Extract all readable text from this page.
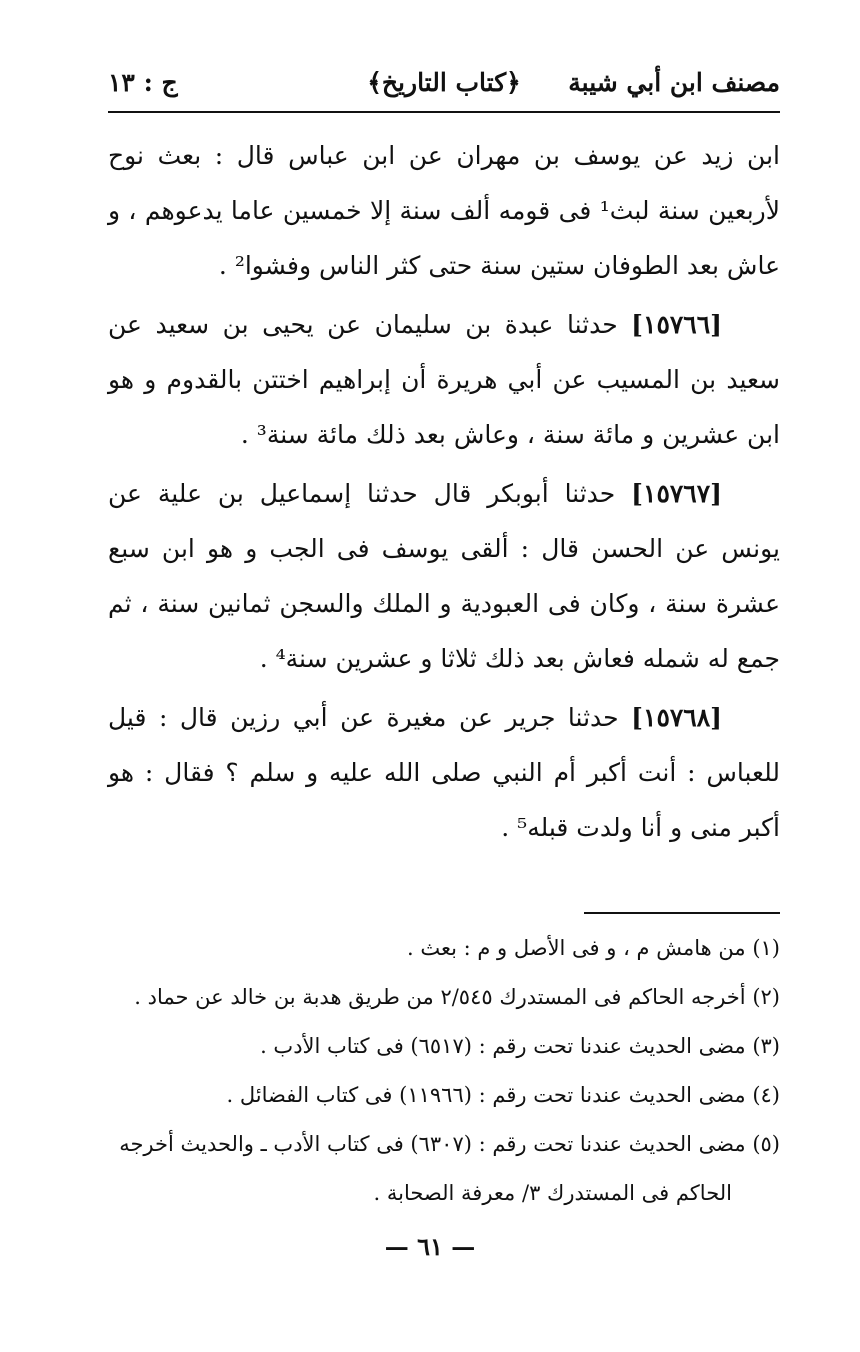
مصنف ابن أبي شيبة
﴿كتاب التاريخ﴾
ج : ١٣

ابن زيد عن يوسف بن مهران عن ابن عباس قال : بعث نوح لأربعين سنة لبث¹ فى قومه ألف سنة إلا خمسين عاما يدعوهم ، و عاش بعد الطوفان ستين سنة حتى كثر الناس وفشوا² .

[١٥٧٦٦] حدثنا عبدة بن سليمان عن يحيى بن سعيد عن سعيد بن المسيب عن أبي هريرة أن إبراهيم اختتن بالقدوم و هو ابن عشرين و مائة سنة ، وعاش بعد ذلك مائة سنة³ .

[١٥٧٦٧] حدثنا أبوبكر قال حدثنا إسماعيل بن علية عن يونس عن الحسن قال : ألقى يوسف فى الجب و هو ابن سبع عشرة سنة ، وكان فى العبودية و الملك والسجن ثمانين سنة ، ثم جمع له شمله فعاش بعد ذلك ثلاثا و عشرين سنة⁴ .

[١٥٧٦٨] حدثنا جرير عن مغيرة عن أبي رزين قال : قيل للعباس : أنت أكبر أم النبي صلى الله عليه و سلم ؟ فقال : هو أكبر منى و أنا ولدت قبله⁵ .

(١) من هامش م ، و فى الأصل و م : بعث .

(٢) أخرجه الحاكم فى المستدرك ٢/٥٤٥ من طريق هدبة بن خالد عن حماد .

(٣) مضى الحديث عندنا تحت رقم : (٦٥١٧) فى كتاب الأدب .

(٤) مضى الحديث عندنا تحت رقم : (١١٩٦٦) فى كتاب الفضائل .

(٥) مضى الحديث عندنا تحت رقم : (٦٣٠٧) فى كتاب الأدب ـ والحديث أخرجه

الحاكم فى المستدرك ٣/ معرفة الصحابة .

— ٦١ —
